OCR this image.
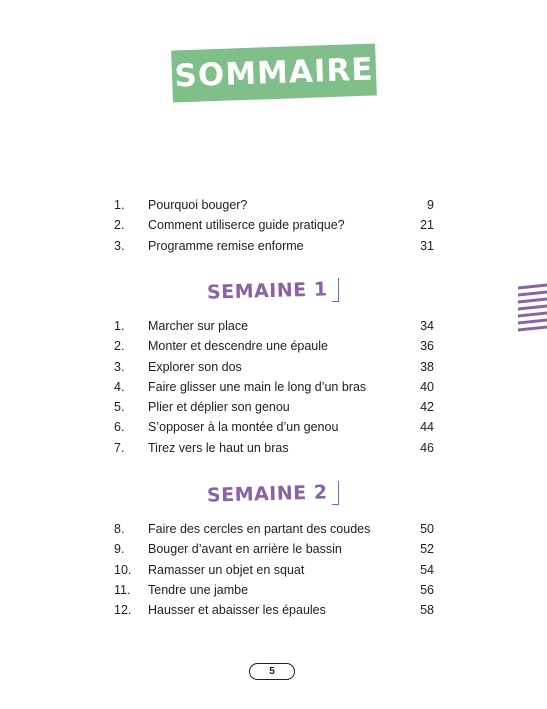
SOMMAIRE
1. Pourquoi bouger?	9
2. Comment utiliserce guide pratique?	21
3. Programme remise enforme	31
SEMAINE 1
1. Marcher sur place	34
2. Monter et descendre une épaule	36
3. Explorer son dos	38
4. Faire glisser une main le long d’un bras	40
5. Plier et déplier son genou	42
6. S’opposer à la montée d’un genou	44
7. Tirez vers le haut un bras	46
SEMAINE 2
8. Faire des cercles en partant des coudes	50
9. Bouger d’avant en arrière le bassin	52
10. Ramasser un objet en squat	54
11. Tendre une jambe	56
12. Hausser et abaisser les épaules	58
5
